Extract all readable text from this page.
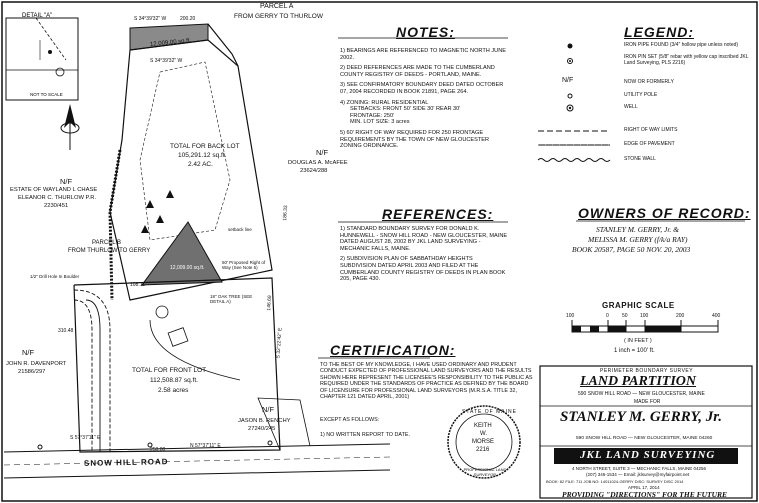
DETAIL "A"
NOT TO SCALE
PARCEL A
FROM GERRY TO THURLOW
12,009.00 sq.ft.
S 34°39'32" W	200.20
S 34°39'32" W
TOTAL FOR BACK LOT
105,291.12 sq.ft.
2.42 AC.
N/F
DOUGLAS A. McAFEE
23624/288
N/F
ESTATE OF WAYLAND L CHASE
ELEANOR C. THURLOW P.R.
2230/451
PARCEL B
FROM THURLOW TO GERRY
12,009.00 sq.ft.
60' Proposed Right of Way (See Note 5)
18" OAK TREE (SEE DETAIL A)
setback line
1/2" Drill Hole In Boulder
108.11
250.00
186.33
146.69
310.48	S 32°22'42" E
S 57°37'11" E
N 57°37'11" E
N/F
JOHN R. DAVENPORT
21586/297	TOTAL FOR FRONT LOT
112,508.87 sq.ft.
2.58 acres
N/F
JASON B. RENCHY
27240/245
SNOW HILL ROAD
NOTES:

1) BEARINGS ARE REFERENCED TO MAGNETIC NORTH JUNE 2002.

2) DEED REFERENCES ARE MADE TO THE CUMBERLAND COUNTY REGISTRY OF DEEDS - PORTLAND, MAINE.

3) SEE CONFIRMATORY BOUNDARY DEED DATED OCTOBER 07, 2004 RECORDED IN BOOK 21891, PAGE 264.

4) ZONING: RURAL RESIDENTIAL

SETBACKS: FRONT 50' SIDE 30' REAR 30'

FRONTAGE: 250'

MIN. LOT SIZE: 3 acres

5) 60' RIGHT OF WAY REQUIRED FOR 250 FRONTAGE REQUIREMENTS BY THE TOWN OF NEW GLOUCESTER ZONING ORDINANCE.

LEGEND:
IRON PIPE FOUND (3/4" hollow pipe unless noted)
IRON PIN SET (5/8" rebar with yellow cap inscribed JKL Land Surveying, PLS 2216)
N/F	NOW OR FORMERLY
UTILITY POLE
WELL
RIGHT OF WAY LIMITS
EDGE OF PAVEMENT
STONE WALL
REFERENCES:

1) STANDARD BOUNDARY SURVEY FOR DONALD K. HUNNEWELL - SNOW HILL ROAD - NEW GLOUCESTER, MAINE DATED AUGUST 28, 2002 BY JKL LAND SURVEYING - MECHANIC FALLS, MAINE.

2) SUBDIVISION PLAN OF SABBATHDAY HEIGHTS SUBDIVISION DATED APRIL 2003 AND FILED AT THE CUMBERLAND COUNTY REGISTRY OF DEEDS IN PLAN BOOK 205, PAGE 430.

OWNERS OF RECORD:
STANLEY M. GERRY, Jr. &
MELISSA M. GERRY (f/k/a RAY)
BOOK 20587, PAGE 50 NOV. 20, 2003
GRAPHIC SCALE
100	0	50 100	200	400
( IN FEET )
1 inch = 100' ft.
CERTIFICATION:
TO THE BEST OF MY KNOWLEDGE, I HAVE USED ORDINARY AND PRUDENT CONDUCT EXPECTED OF PROFESSIONAL LAND SURVEYORS AND THE RESULTS SHOWN HERE REPRESENT THE LICENSEE'S RESPONSIBILITY TO THE PUBLIC AS REQUIRED UNDER THE STANDARDS OF PRACTICE AS DEFINED BY THE BOARD OF LICENSURE FOR PROFESSIONAL LAND SURVEYORS (M.R.S.A. TITLE 32, CHAPTER 121 DATED APRIL, 2001)
EXCEPT AS FOLLOWS:
1) NO WRITTEN REPORT TO DATE.
STATE OF MAINE
KEITH
W.
MORSE
2216
PROFESSIONAL LAND SURVEYOR
PERIMETER BOUNDARY SURVEY
LAND PARTITION
590 SNOW HILL ROAD — NEW GLOUCESTER, MAINE
MADE FOR
STANLEY M. GERRY, Jr.
590 SNOW HILL ROAD — NEW GLOUCESTER, MAINE 04260
JKL LAND SURVEYING
4 NORTH STREET, SUITE 3 — MECHANIC FALLS, MAINE 04256
(207) 346-1534 — Email: jklsurvey@myfairpoint.net
BOOK: 82 FILE: 711 JOB NO: 14011024-GERRY DISC: SURVEY DISC 2014
APRIL 17, 2014
PROVIDING "DIRECTIONS" FOR THE FUTURE
